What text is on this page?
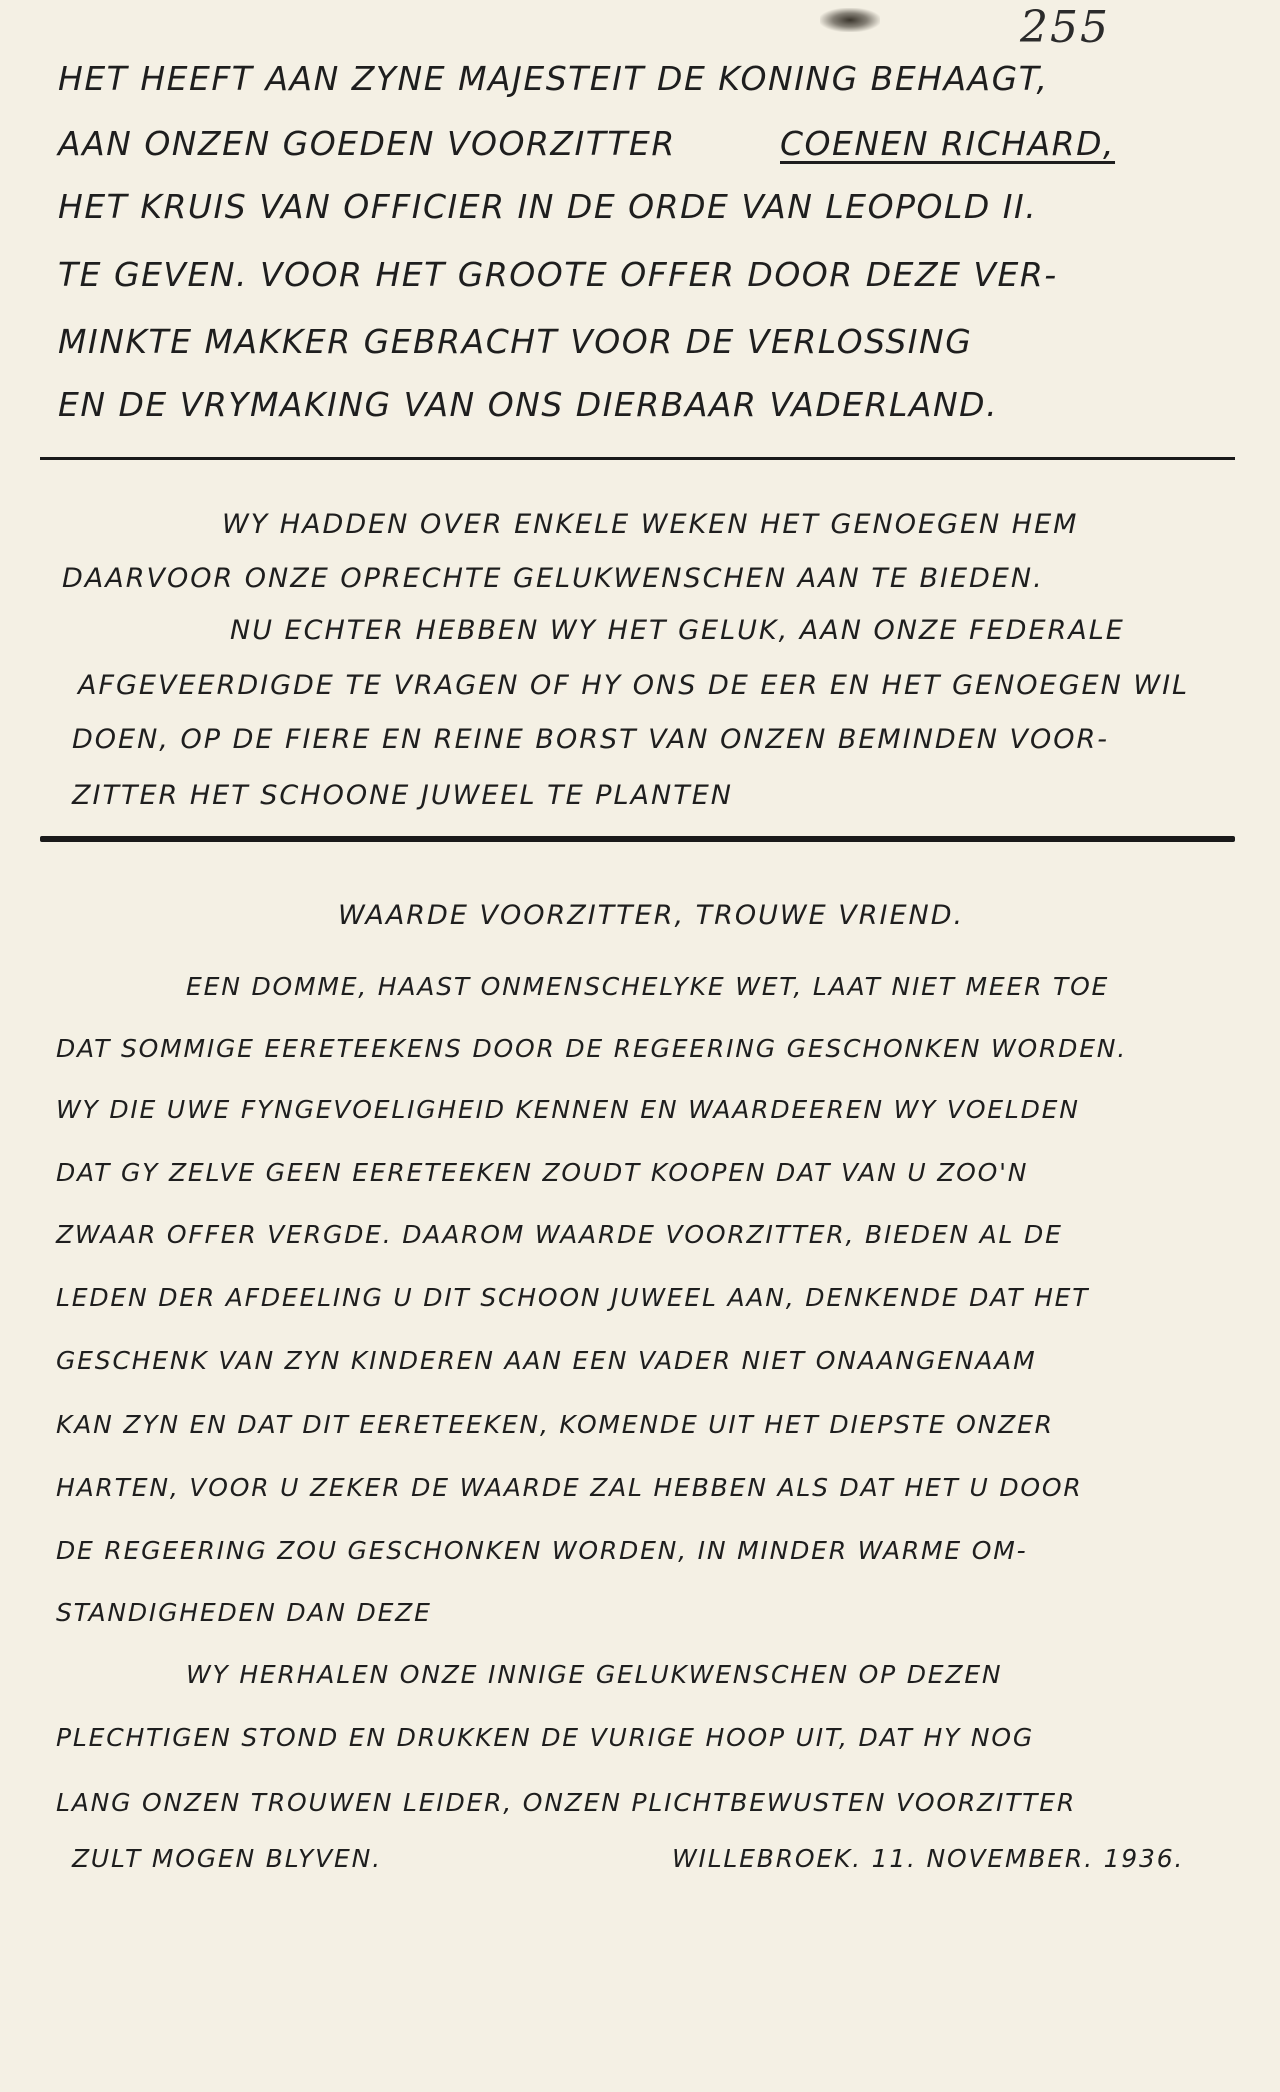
255
HET HEEFT AAN ZYNE MAJESTEIT DE KONING BEHAAGT,
AAN ONZEN GOEDEN VOORZITTER	COENEN RICHARD,
HET KRUIS VAN OFFICIER IN DE ORDE VAN LEOPOLD II.
TE GEVEN. VOOR HET GROOTE OFFER DOOR DEZE VER-
MINKTE MAKKER GEBRACHT VOOR DE VERLOSSING
EN DE VRYMAKING VAN ONS DIERBAAR VADERLAND.
WY HADDEN OVER ENKELE WEKEN HET GENOEGEN HEM
DAARVOOR ONZE OPRECHTE GELUKWENSCHEN AAN TE BIEDEN.
NU ECHTER HEBBEN WY HET GELUK, AAN ONZE FEDERALE
AFGEVEERDIGDE TE VRAGEN OF HY ONS DE EER EN HET GENOEGEN WIL
DOEN, OP DE FIERE EN REINE BORST VAN ONZEN BEMINDEN VOOR-
ZITTER HET SCHOONE JUWEEL TE PLANTEN
WAARDE VOORZITTER, TROUWE VRIEND.
EEN DOMME, HAAST ONMENSCHELYKE WET, LAAT NIET MEER TOE
DAT SOMMIGE EERETEEKENS DOOR DE REGEERING GESCHONKEN WORDEN.
WY DIE UWE FYNGEVOELIGHEID KENNEN EN WAARDEEREN WY VOELDEN
DAT GY ZELVE GEEN EERETEEKEN ZOUDT KOOPEN DAT VAN U ZOO'N
ZWAAR OFFER VERGDE. DAAROM WAARDE VOORZITTER, BIEDEN AL DE
LEDEN DER AFDEELING U DIT SCHOON JUWEEL AAN, DENKENDE DAT HET
GESCHENK VAN ZYN KINDEREN AAN EEN VADER NIET ONAANGENAAM
KAN ZYN EN DAT DIT EERETEEKEN, KOMENDE UIT HET DIEPSTE ONZER
HARTEN, VOOR U ZEKER DE WAARDE ZAL HEBBEN ALS DAT HET U DOOR
DE REGEERING ZOU GESCHONKEN WORDEN, IN MINDER WARME OM-
STANDIGHEDEN DAN DEZE
WY HERHALEN ONZE INNIGE GELUKWENSCHEN OP DEZEN
PLECHTIGEN STOND EN DRUKKEN DE VURIGE HOOP UIT, DAT HY NOG
LANG ONZEN TROUWEN LEIDER, ONZEN PLICHTBEWUSTEN VOORZITTER
ZULT MOGEN BLYVEN.	WILLEBROEK. 11. NOVEMBER. 1936.
